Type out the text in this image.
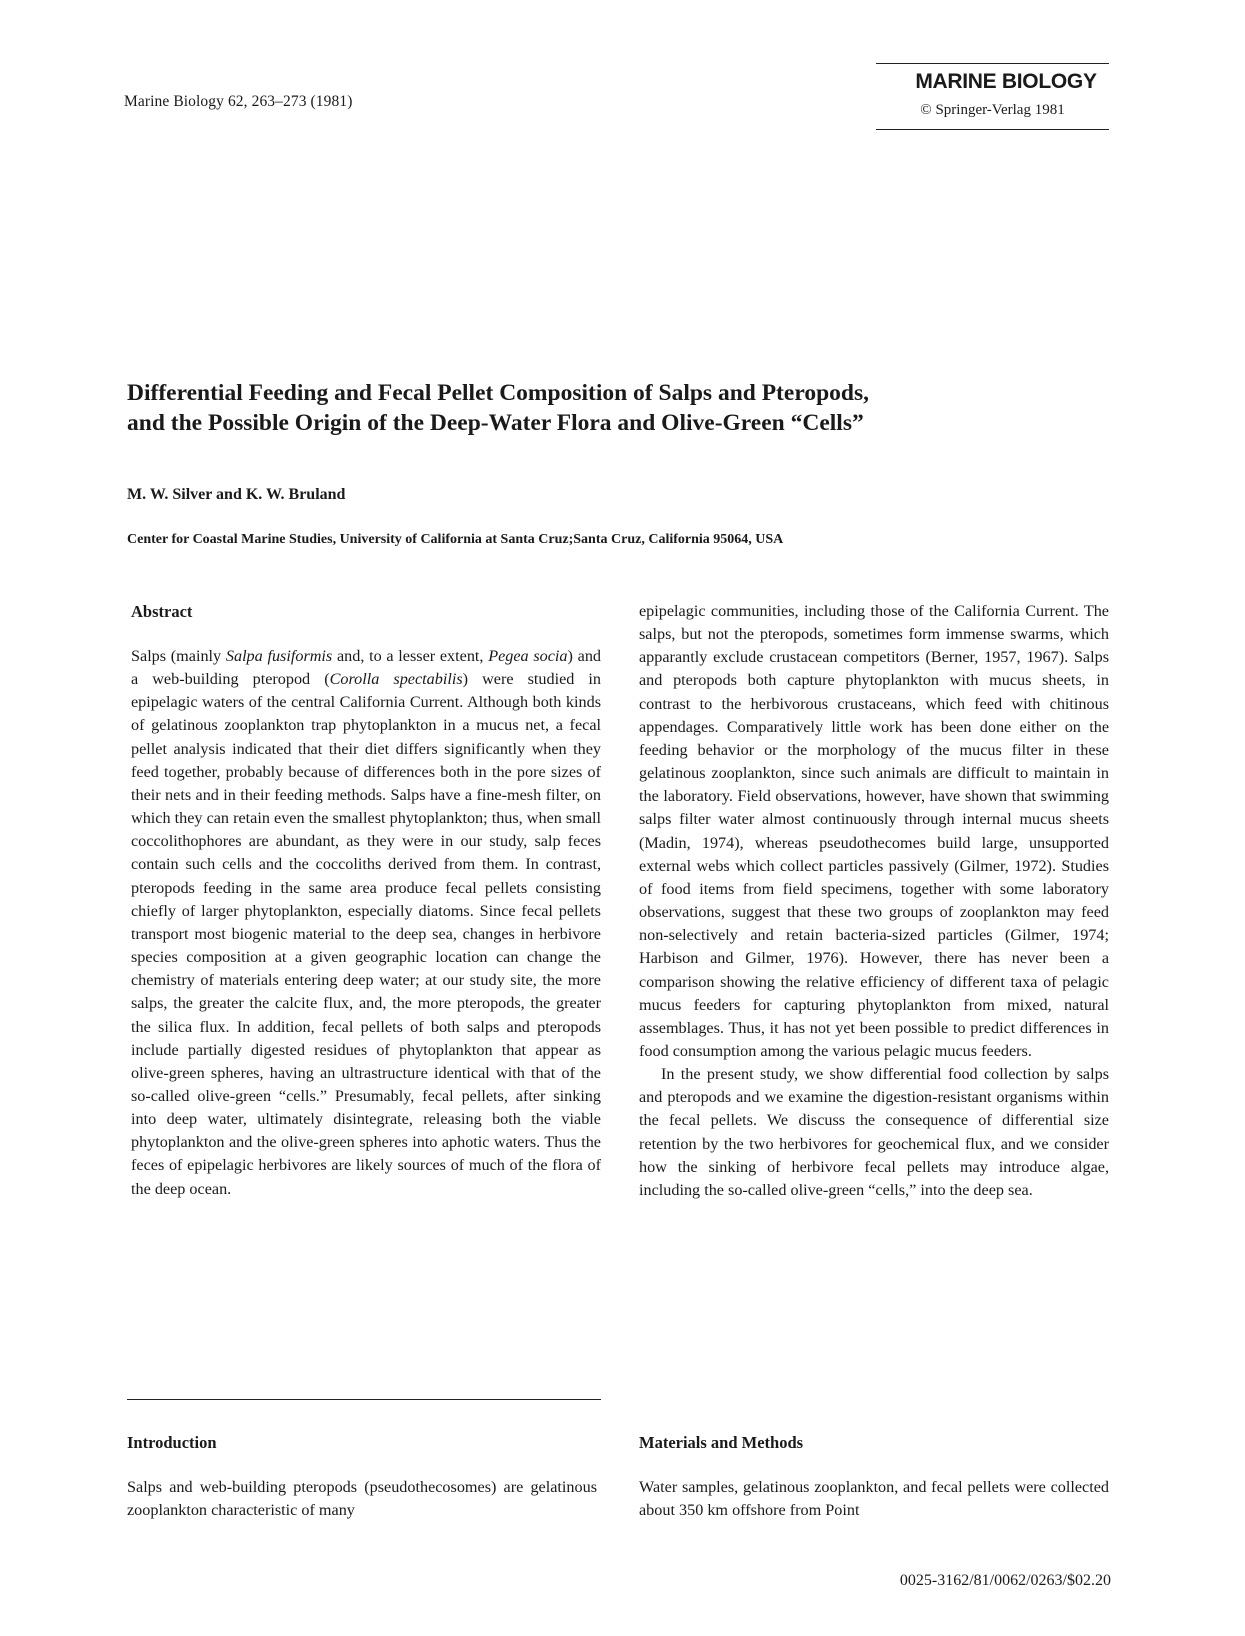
Marine Biology 62, 263–273 (1981)
MARINE BIOLOGY
© Springer-Verlag 1981
Differential Feeding and Fecal Pellet Composition of Salps and Pteropods,
and the Possible Origin of the Deep-Water Flora and Olive-Green “Cells”
M. W. Silver and K. W. Bruland
Center for Coastal Marine Studies, University of California at Santa Cruz;Santa Cruz, California 95064, USA
Abstract

Salps (mainly Salpa fusiformis and, to a lesser extent, Pegea socia) and a web-building pteropod (Corolla spectabilis) were studied in epipelagic waters of the central California Current. Although both kinds of gelatinous zooplankton trap phytoplankton in a mucus net, a fecal pellet analysis indicated that their diet differs significantly when they feed together, probably because of differences both in the pore sizes of their nets and in their feeding methods. Salps have a fine-mesh filter, on which they can retain even the smallest phytoplankton; thus, when small coccolithophores are abundant, as they were in our study, salp feces contain such cells and the coccoliths derived from them. In contrast, pteropods feeding in the same area produce fecal pellets consisting chiefly of larger phytoplankton, especially diatoms. Since fecal pellets transport most biogenic material to the deep sea, changes in herbivore species composition at a given geographic location can change the chemistry of materials entering deep water; at our study site, the more salps, the greater the calcite flux, and, the more pteropods, the greater the silica flux. In addition, fecal pellets of both salps and pteropods include partially digested residues of phytoplankton that appear as olive-green spheres, having an ultrastructure identical with that of the so-called olive-green “cells.” Presumably, fecal pellets, after sinking into deep water, ultimately disintegrate, releasing both the viable phytoplankton and the olive-green spheres into aphotic waters. Thus the feces of epipelagic herbivores are likely sources of much of the flora of the deep ocean.

epipelagic communities, including those of the California Current. The salps, but not the pteropods, sometimes form immense swarms, which apparantly exclude crustacean competitors (Berner, 1957, 1967). Salps and pteropods both capture phytoplankton with mucus sheets, in contrast to the herbivorous crustaceans, which feed with chitinous appendages. Comparatively little work has been done either on the feeding behavior or the morphology of the mucus filter in these gelatinous zooplankton, since such animals are difficult to maintain in the laboratory. Field observations, however, have shown that swimming salps filter water almost continuously through internal mucus sheets (Madin, 1974), whereas pseudothecomes build large, unsupported external webs which collect particles passively (Gilmer, 1972). Studies of food items from field specimens, together with some laboratory observations, suggest that these two groups of zooplankton may feed non-selectively and retain bacteria-sized particles (Gilmer, 1974; Harbison and Gilmer, 1976). However, there has never been a comparison showing the relative efficiency of different taxa of pelagic mucus feeders for capturing phytoplankton from mixed, natural assemblages. Thus, it has not yet been possible to predict differences in food consumption among the various pelagic mucus feeders.

In the present study, we show differential food collection by salps and pteropods and we examine the digestion-resistant organisms within the fecal pellets. We discuss the consequence of differential size retention by the two herbivores for geochemical flux, and we consider how the sinking of herbivore fecal pellets may introduce algae, including the so-called olive-green “cells,” into the deep sea.

Introduction

Salps and web-building pteropods (pseudothecosomes) are gelatinous zooplankton characteristic of many

Materials and Methods

Water samples, gelatinous zooplankton, and fecal pellets were collected about 350 km offshore from Point

0025-3162/81/0062/0263/$02.20
